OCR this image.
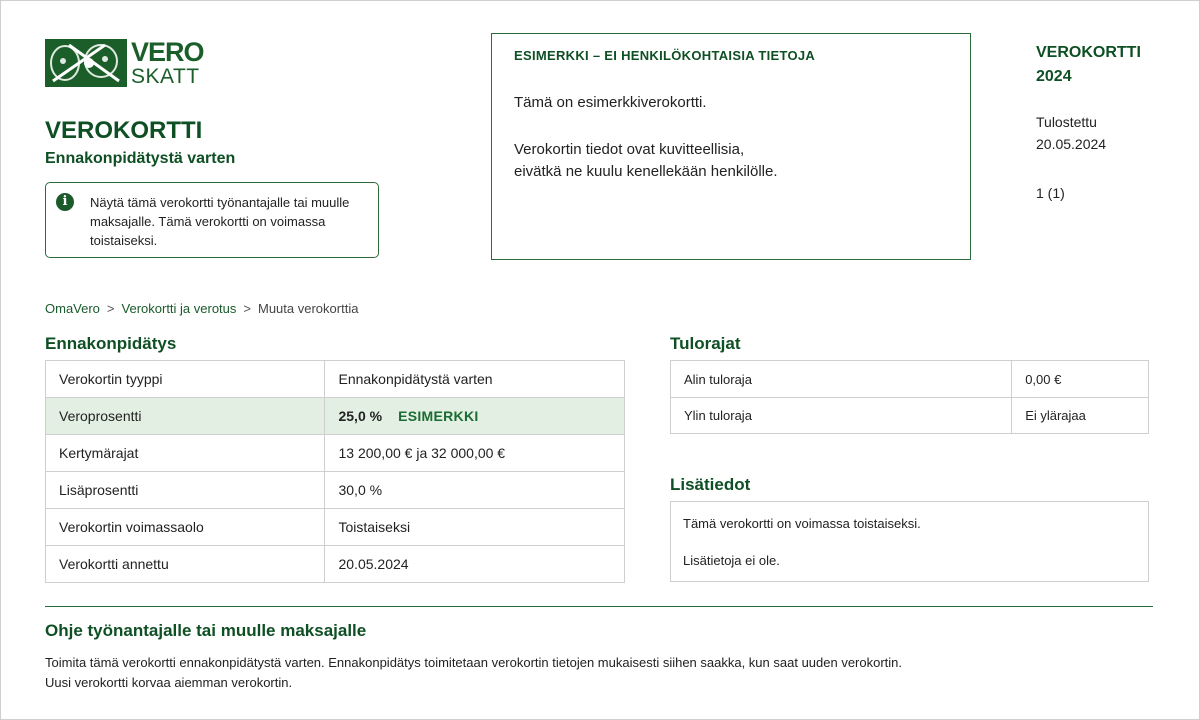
VERO
SKATT
VEROKORTTI
Ennakonpidätystä varten
i	Näytä tämä verokortti työnantajalle tai muulle maksajalle. Tämä verokortti on voimassa toistaiseksi.
ESIMERKKI – EI HENKILÖKOHTAISIA TIETOJA
Tämä on esimerkkiverokortti.
Verokortin tiedot ovat kuvitteellisia,
eivätkä ne kuulu kenellekään henkilölle.
VEROKORTTI 2024
Tulostettu
20.05.2024
1 (1)
OmaVero > Verokortti ja verotus > Muuta verokorttia
Ennakonpidätys
Verokortin tyyppi	Ennakonpidätystä varten
Veroprosentti	25,0 % ESIMERKKI
Kertymärajat	13 200,00 € ja 32 000,00 €
Lisäprosentti	30,0 %
Verokortin voimassaolo	Toistaiseksi
Verokortti annettu	20.05.2024
Tulorajat
Alin tuloraja	0,00 €
Ylin tuloraja	Ei ylärajaa
Lisätiedot
Tämä verokortti on voimassa toistaiseksi.
Lisätietoja ei ole.
Ohje työnantajalle tai muulle maksajalle
Toimita tämä verokortti ennakonpidätystä varten. Ennakonpidätys toimitetaan verokortin tietojen mukaisesti siihen saakka, kun saat uuden verokortin.
Uusi verokortti korvaa aiemman verokortin.
